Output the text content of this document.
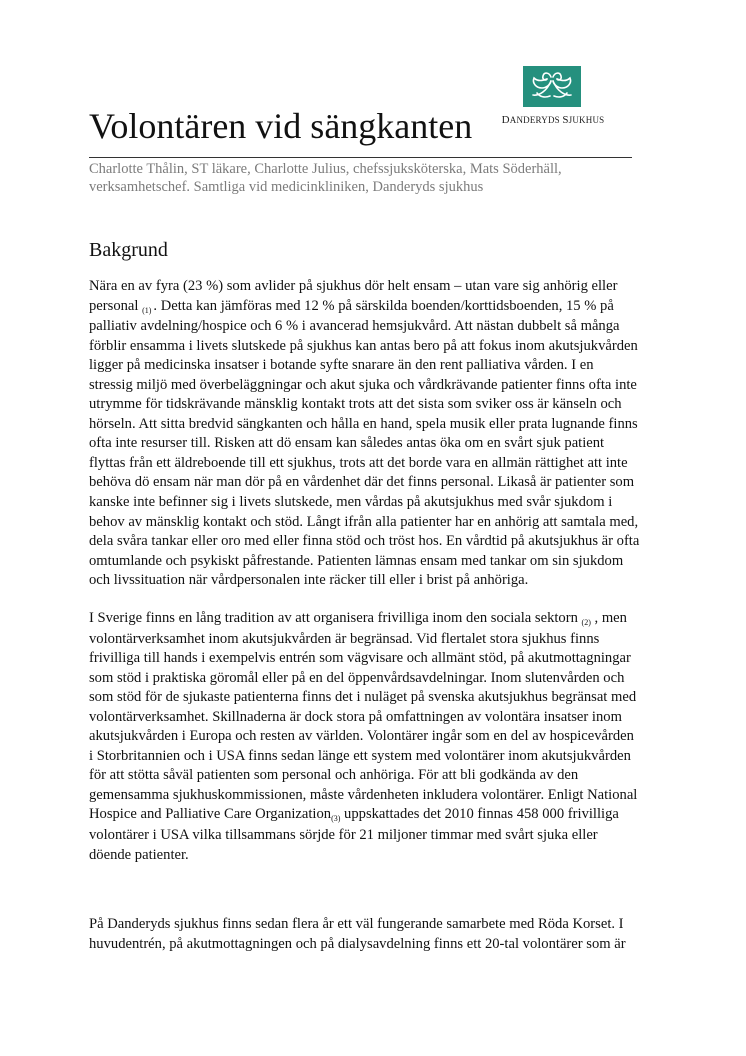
DANDERYDS SJUKHUS
Volontären vid sängkanten
Charlotte Thålin, ST läkare, Charlotte Julius, chefssjuksköterska, Mats Söderhäll,
verksamhetschef. Samtliga vid medicinkliniken, Danderyds sjukhus
Bakgrund

Nära en av fyra (23 %) som avlider på sjukhus dör helt ensam – utan vare sig anhörig eller
personal $_{(1)}$ . Detta kan jämföras med 12 % på särskilda boenden/korttidsboenden, 15 % på
palliativ avdelning/hospice och 6 % i avancerad hemsjukvård. Att nästan dubbelt så många
förblir ensamma i livets slutskede på sjukhus kan antas bero på att fokus inom akutsjukvården
ligger på medicinska insatser i botande syfte snarare än den rent palliativa vården. I en
stressig miljö med överbeläggningar och akut sjuka och vårdkrävande patienter finns ofta inte
utrymme för tidskrävande mänsklig kontakt trots att det sista som sviker oss är känseln och
hörseln. Att sitta bredvid sängkanten och hålla en hand, spela musik eller prata lugnande finns
ofta inte resurser till. Risken att dö ensam kan således antas öka om en svårt sjuk patient
flyttas från ett äldreboende till ett sjukhus, trots att det borde vara en allmän rättighet att inte
behöva dö ensam när man dör på en vårdenhet där det finns personal. Likaså är patienter som
kanske inte befinner sig i livets slutskede, men vårdas på akutsjukhus med svår sjukdom i
behov av mänsklig kontakt och stöd. Långt ifrån alla patienter har en anhörig att samtala med,
dela svåra tankar eller oro med eller finna stöd och tröst hos. En vårdtid på akutsjukhus är ofta
omtumlande och psykiskt påfrestande. Patienten lämnas ensam med tankar om sin sjukdom
och livssituation när vårdpersonalen inte räcker till eller i brist på anhöriga.

I Sverige finns en lång tradition av att organisera frivilliga inom den sociala sektorn $_{(2)}$ , men
volontärverksamhet inom akutsjukvården är begränsad. Vid flertalet stora sjukhus finns
frivilliga till hands i exempelvis entrén som vägvisare och allmänt stöd, på akutmottagningar
som stöd i praktiska göromål eller på en del öppenvårdsavdelningar. Inom slutenvården och
som stöd för de sjukaste patienterna finns det i nuläget på svenska akutsjukhus begränsat med
volontärverksamhet. Skillnaderna är dock stora på omfattningen av volontära insatser inom
akutsjukvården i Europa och resten av världen. Volontärer ingår som en del av hospicevården
i Storbritannien och i USA finns sedan länge ett system med volontärer inom akutsjukvården
för att stötta såväl patienten som personal och anhöriga. För att bli godkända av den
gemensamma sjukhuskommissionen, måste vårdenheten inkludera volontärer. Enligt National
Hospice and Palliative Care Organization$_{(3)}$ uppskattades det 2010 finnas 458 000 frivilliga
volontärer i USA vilka tillsammans sörjde för 21 miljoner timmar med svårt sjuka eller
döende patienter.

På Danderyds sjukhus finns sedan flera år ett väl fungerande samarbete med Röda Korset. I
huvudentrén, på akutmottagningen och på dialysavdelning finns ett 20-tal volontärer som är
